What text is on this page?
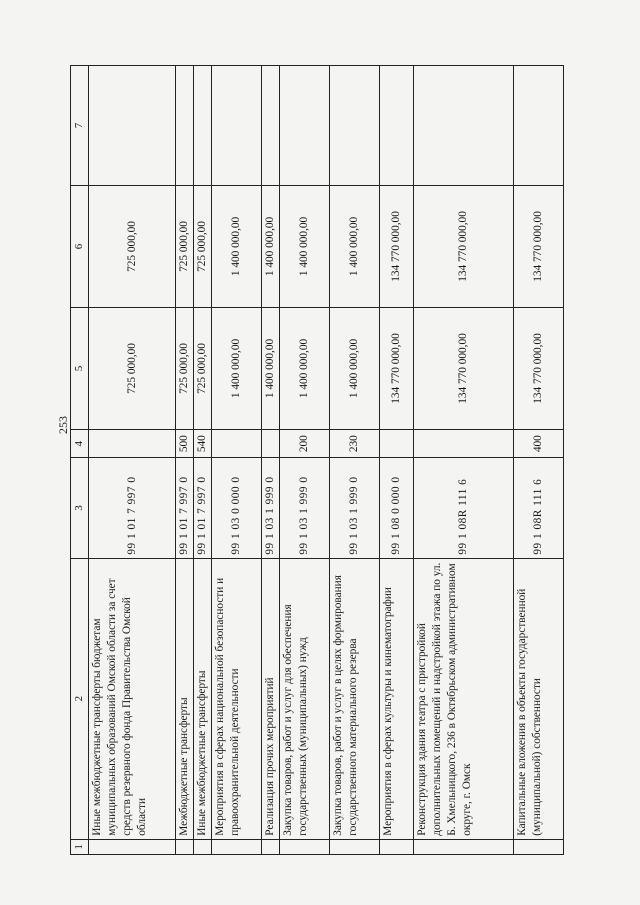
253
1	2	3	4	5	6	7
	Иные межбюджетные трансферты бюджетам муниципальных образований Омской области за счет средств резервного фонда Правительства Омской области	99 1 01 7 997 0		725 000,00	725 000,00	
	Межбюджетные трансферты	99 1 01 7 997 0	500	725 000,00	725 000,00	
	Иные межбюджетные трансферты	99 1 01 7 997 0	540	725 000,00	725 000,00	
	Мероприятия в сферах национальной безопасности и правоохранительной деятельности	99 1 03 0 000 0		1 400 000,00	1 400 000,00	
	Реализация прочих мероприятий	99 1 03 1 999 0		1 400 000,00	1 400 000,00	
	Закупка товаров, работ и услуг для обеспечения государственных (муниципальных) нужд	99 1 03 1 999 0	200	1 400 000,00	1 400 000,00	
	Закупка товаров, работ и услуг в целях формирования государственного материального резерва	99 1 03 1 999 0	230	1 400 000,00	1 400 000,00	
	Мероприятия в сферах культуры и кинематографии	99 1 08 0 000 0		134 770 000,00	134 770 000,00	
	Реконструкция здания театра с пристройкой дополнительных помещений и надстройкой этажа по ул. Б. Хмельницкого, 236 в Октябрьском административном округе, г. Омск	99 1 08R 111 6		134 770 000,00	134 770 000,00	
	Капитальные вложения в объекты государственной (муниципальной) собственности	99 1 08R 111 6	400	134 770 000,00	134 770 000,00	
